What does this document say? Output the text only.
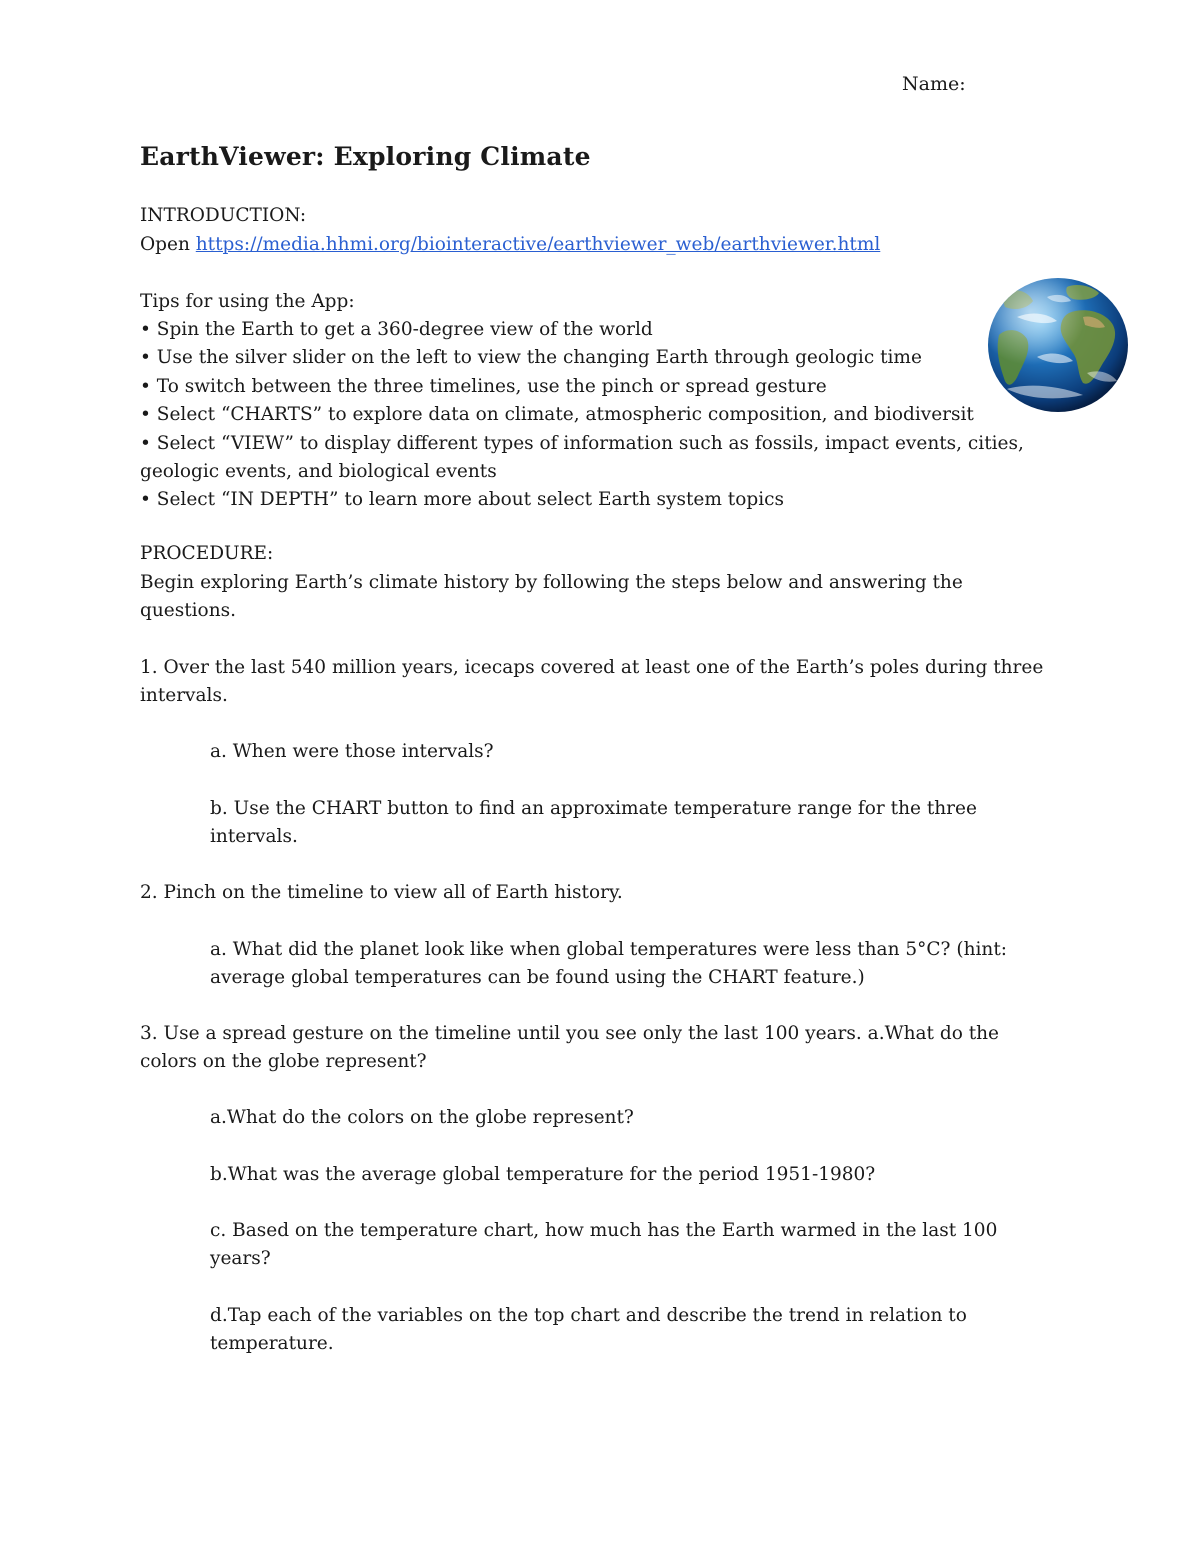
Name:
EarthViewer: Exploring Climate
INTRODUCTION:
Open https://media.hhmi.org/biointeractive/earthviewer_web/earthviewer.html
Tips for using the App:
• Spin the Earth to get a 360-degree view of the world
• Use the silver slider on the left to view the changing Earth through geologic time
• To switch between the three timelines, use the pinch or spread gesture
• Select “CHARTS” to explore data on climate, atmospheric composition, and biodiversit
• Select “VIEW” to display different types of information such as fossils, impact events, cities,
geologic events, and biological events
• Select “IN DEPTH” to learn more about select Earth system topics
PROCEDURE:
Begin exploring Earth’s climate history by following the steps below and answering the
questions.
1. Over the last 540 million years, icecaps covered at least one of the Earth’s poles during three
intervals.
a. When were those intervals?
b. Use the CHART button to find an approximate temperature range for the three
intervals.
2. Pinch on the timeline to view all of Earth history.
a. What did the planet look like when global temperatures were less than 5°C? (hint:
average global temperatures can be found using the CHART feature.)
3. Use a spread gesture on the timeline until you see only the last 100 years. a.What do the
colors on the globe represent?
a.What do the colors on the globe represent?
b.What was the average global temperature for the period 1951-1980?
c. Based on the temperature chart, how much has the Earth warmed in the last 100
years?
d.Tap each of the variables on the top chart and describe the trend in relation to
temperature.
